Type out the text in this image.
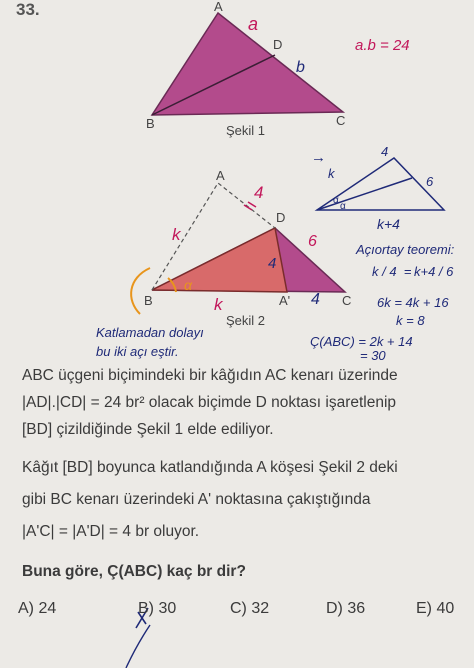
33.	A
B	C
D
Şekil 1
a
b
a.b = 24
A
B	C
D
A'
Şekil 2
4
6
k
k
4
4
α
→
k
4
6
α
α
k+4
Açıortay teoremi:
k / 4 = k+4 / 6
6k = 4k + 16
k = 8
Ç(ABC) = 2k + 14
= 30
Katlamadan dolayı
bu iki açı eştir.
ABC üçgeni biçimindeki bir kâğıdın AC kenarı üzerinde
|AD|.|CD| = 24 br² olacak biçimde D noktası işaretlenip
[BD] çizildiğinde Şekil 1 elde ediliyor.
Kâğıt [BD] boyunca katlandığında A köşesi Şekil 2 deki
gibi BC kenarı üzerindeki A' noktasına çakıştığında
|A'C| = |A'D| = 4 br oluyor.
Buna göre, Ç(ABC) kaç br dir?
A) 24	B) 30	C) 32	D) 36	E) 40
